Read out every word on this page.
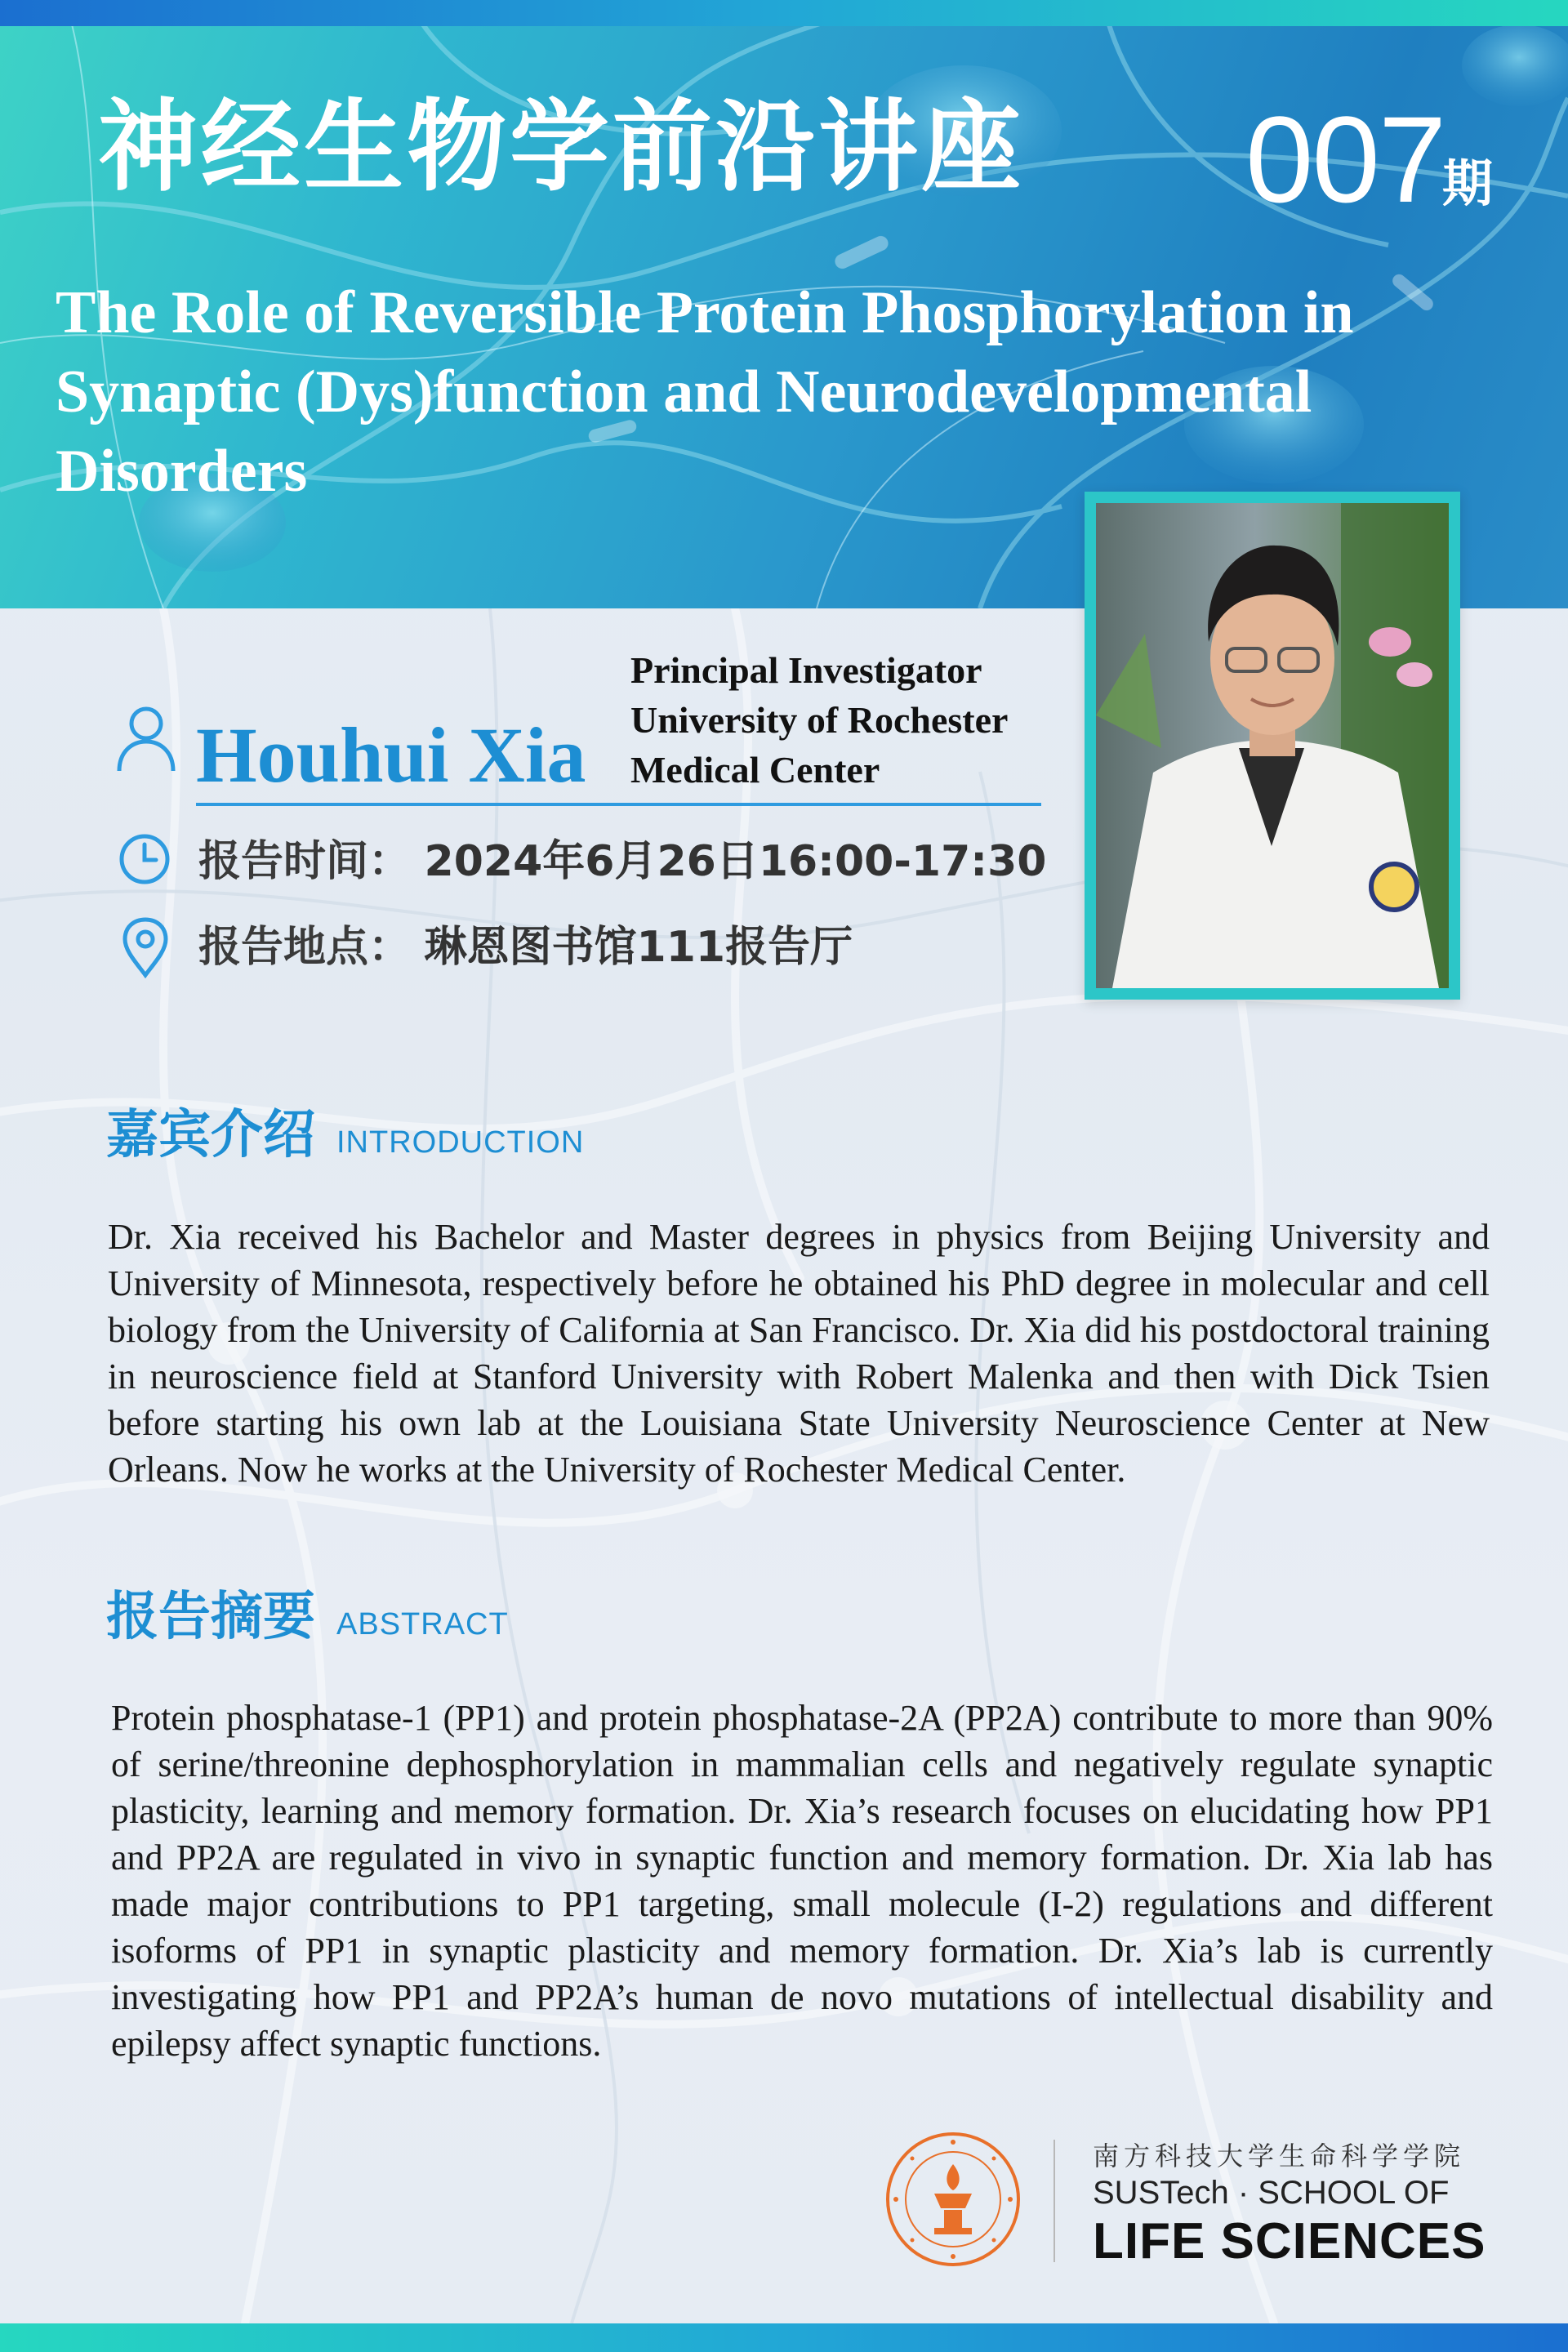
神经生物学前沿讲座 007
期
The Role of Reversible Protein Phosphorylation in Synaptic (Dys)function and Neurodevelopmental Disorders
Houhui Xia
Principal Investigator
University of Rochester
Medical Center
报告时间： 2024年6月26日16:00-17:30
报告地点： 琳恩图书馆111报告厅
嘉宾介绍 INTRODUCTION
Dr. Xia received his Bachelor and Master degrees in physics from Beijing University and University of Minnesota, respectively before he obtained his PhD degree in molecular and cell biology from the University of California at San Francisco. Dr. Xia did his postdoctoral training in neuroscience field at Stanford University with Robert Malenka and then with Dick Tsien before starting his own lab at the Louisiana State University Neuroscience Center at New Orleans. Now he works at the University of Rochester Medical Center.
报告摘要 ABSTRACT
Protein phosphatase-1 (PP1) and protein phosphatase-2A (PP2A) contribute to more than 90% of serine/threonine dephosphorylation in mammalian cells and negatively regulate synaptic plasticity, learning and memory formation. Dr. Xia’s research focuses on elucidating how PP1 and PP2A are regulated in vivo in synaptic function and memory formation. Dr. Xia lab has made major contributions to PP1 targeting, small molecule (I-2) regulations and different isoforms of PP1 in synaptic plasticity and memory formation. Dr. Xia’s lab is currently investigating how PP1 and PP2A’s human de novo mutations of intellectual disability and epilepsy affect synaptic functions.
南方科技大学生命科学学院
SUSTech · SCHOOL OF
LIFE SCIENCES
